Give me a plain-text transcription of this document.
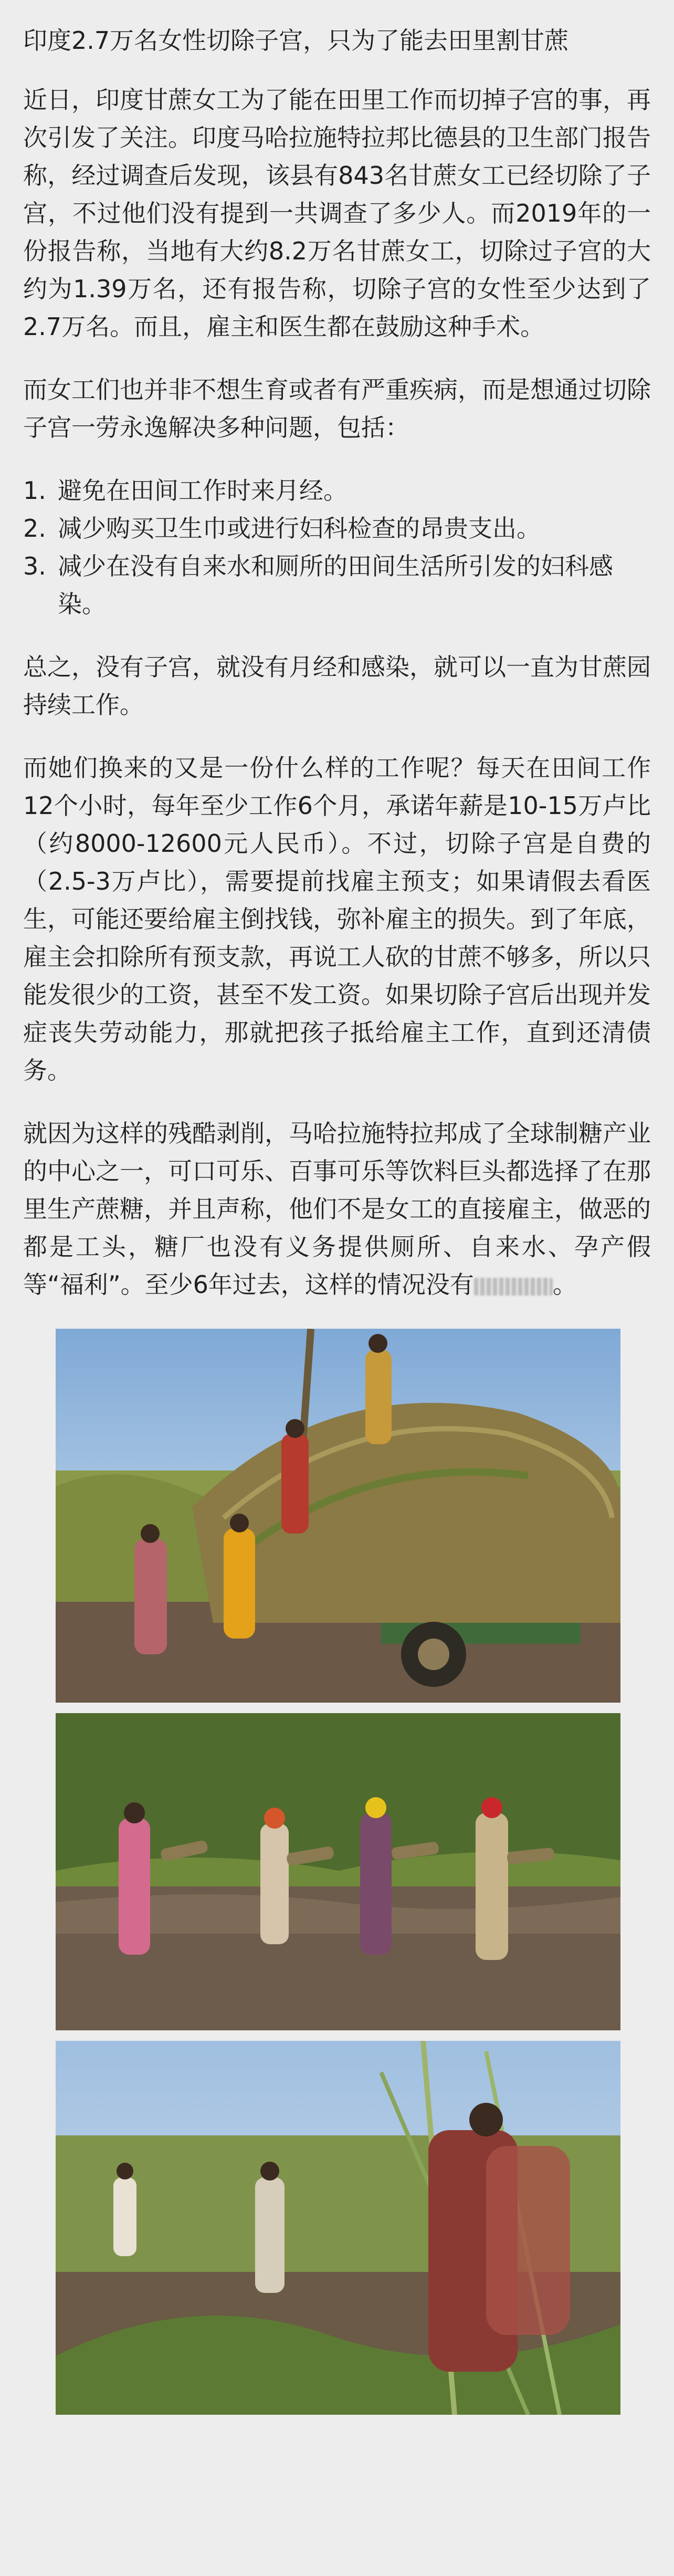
印度2.7万名女性切除子宫，只为了能去田里割甘蔗

近日，印度甘蔗女工为了能在田里工作而切掉子宫的事，再次引发了关注。印度马哈拉施特拉邦比德县的卫生部门报告称，经过调查后发现，该县有843名甘蔗女工已经切除了子宫，不过他们没有提到一共调查了多少人。而2019年的一份报告称，当地有大约8.2万名甘蔗女工，切除过子宫的大约为1.39万名，还有报告称，切除子宫的女性至少达到了2.7万名。而且，雇主和医生都在鼓励这种手术。

而女工们也并非不想生育或者有严重疾病，而是想通过切除子宫一劳永逸解决多种问题，包括：

1. 避免在田间工作时来月经。
2. 减少购买卫生巾或进行妇科检查的昂贵支出。
3. 减少在没有自来水和厕所的田间生活所引发的妇科感染。

总之，没有子宫，就没有月经和感染，就可以一直为甘蔗园持续工作。

而她们换来的又是一份什么样的工作呢？每天在田间工作12个小时，每年至少工作6个月，承诺年薪是10-15万卢比（约8000-12600元人民币）。不过，切除子宫是自费的（2.5-3万卢比），需要提前找雇主预支；如果请假去看医生，可能还要给雇主倒找钱，弥补雇主的损失。到了年底，雇主会扣除所有预支款，再说工人砍的甘蔗不够多，所以只能发很少的工资，甚至不发工资。如果切除子宫后出现并发症丧失劳动能力，那就把孩子抵给雇主工作，直到还清债务。

就因为这样的残酷剥削，马哈拉施特拉邦成了全球制糖产业的中心之一，可口可乐、百事可乐等饮料巨头都选择了在那里生产蔗糖，并且声称，他们不是女工的直接雇主，做恶的都是工头，糖厂也没有义务提供厕所、自来水、孕产假等“福利”。至少6年过去，这样的情况没有	。
